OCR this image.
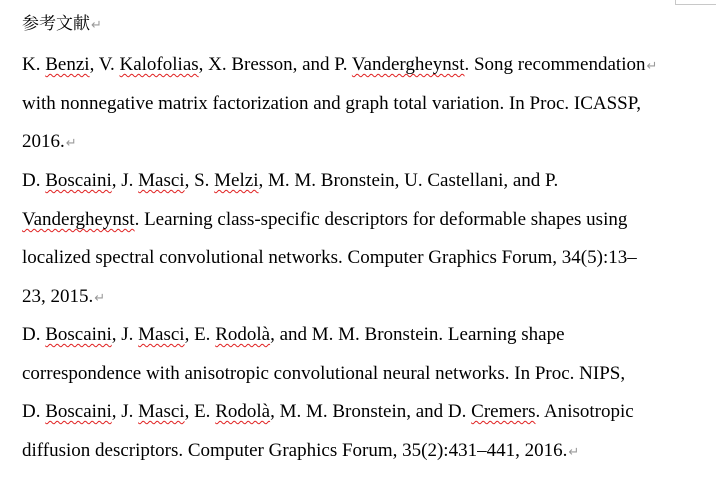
参考文献↵
K. Benzi, V. Kalofolias, X. Bresson, and P. Vandergheynst. Song recommendation↵
with nonnegative matrix factorization and graph total variation. In Proc. ICASSP,
2016.↵
D. Boscaini, J. Masci, S. Melzi, M. M. Bronstein, U. Castellani, and P.
Vandergheynst. Learning class-specific descriptors for deformable shapes using
localized spectral convolutional networks. Computer Graphics Forum, 34(5):13–
23, 2015.↵
D. Boscaini, J. Masci, E. Rodolà, and M. M. Bronstein. Learning shape
correspondence with anisotropic convolutional neural networks. In Proc. NIPS,
D. Boscaini, J. Masci, E. Rodolà, M. M. Bronstein, and D. Cremers. Anisotropic
diffusion descriptors. Computer Graphics Forum, 35(2):431–441, 2016.↵
